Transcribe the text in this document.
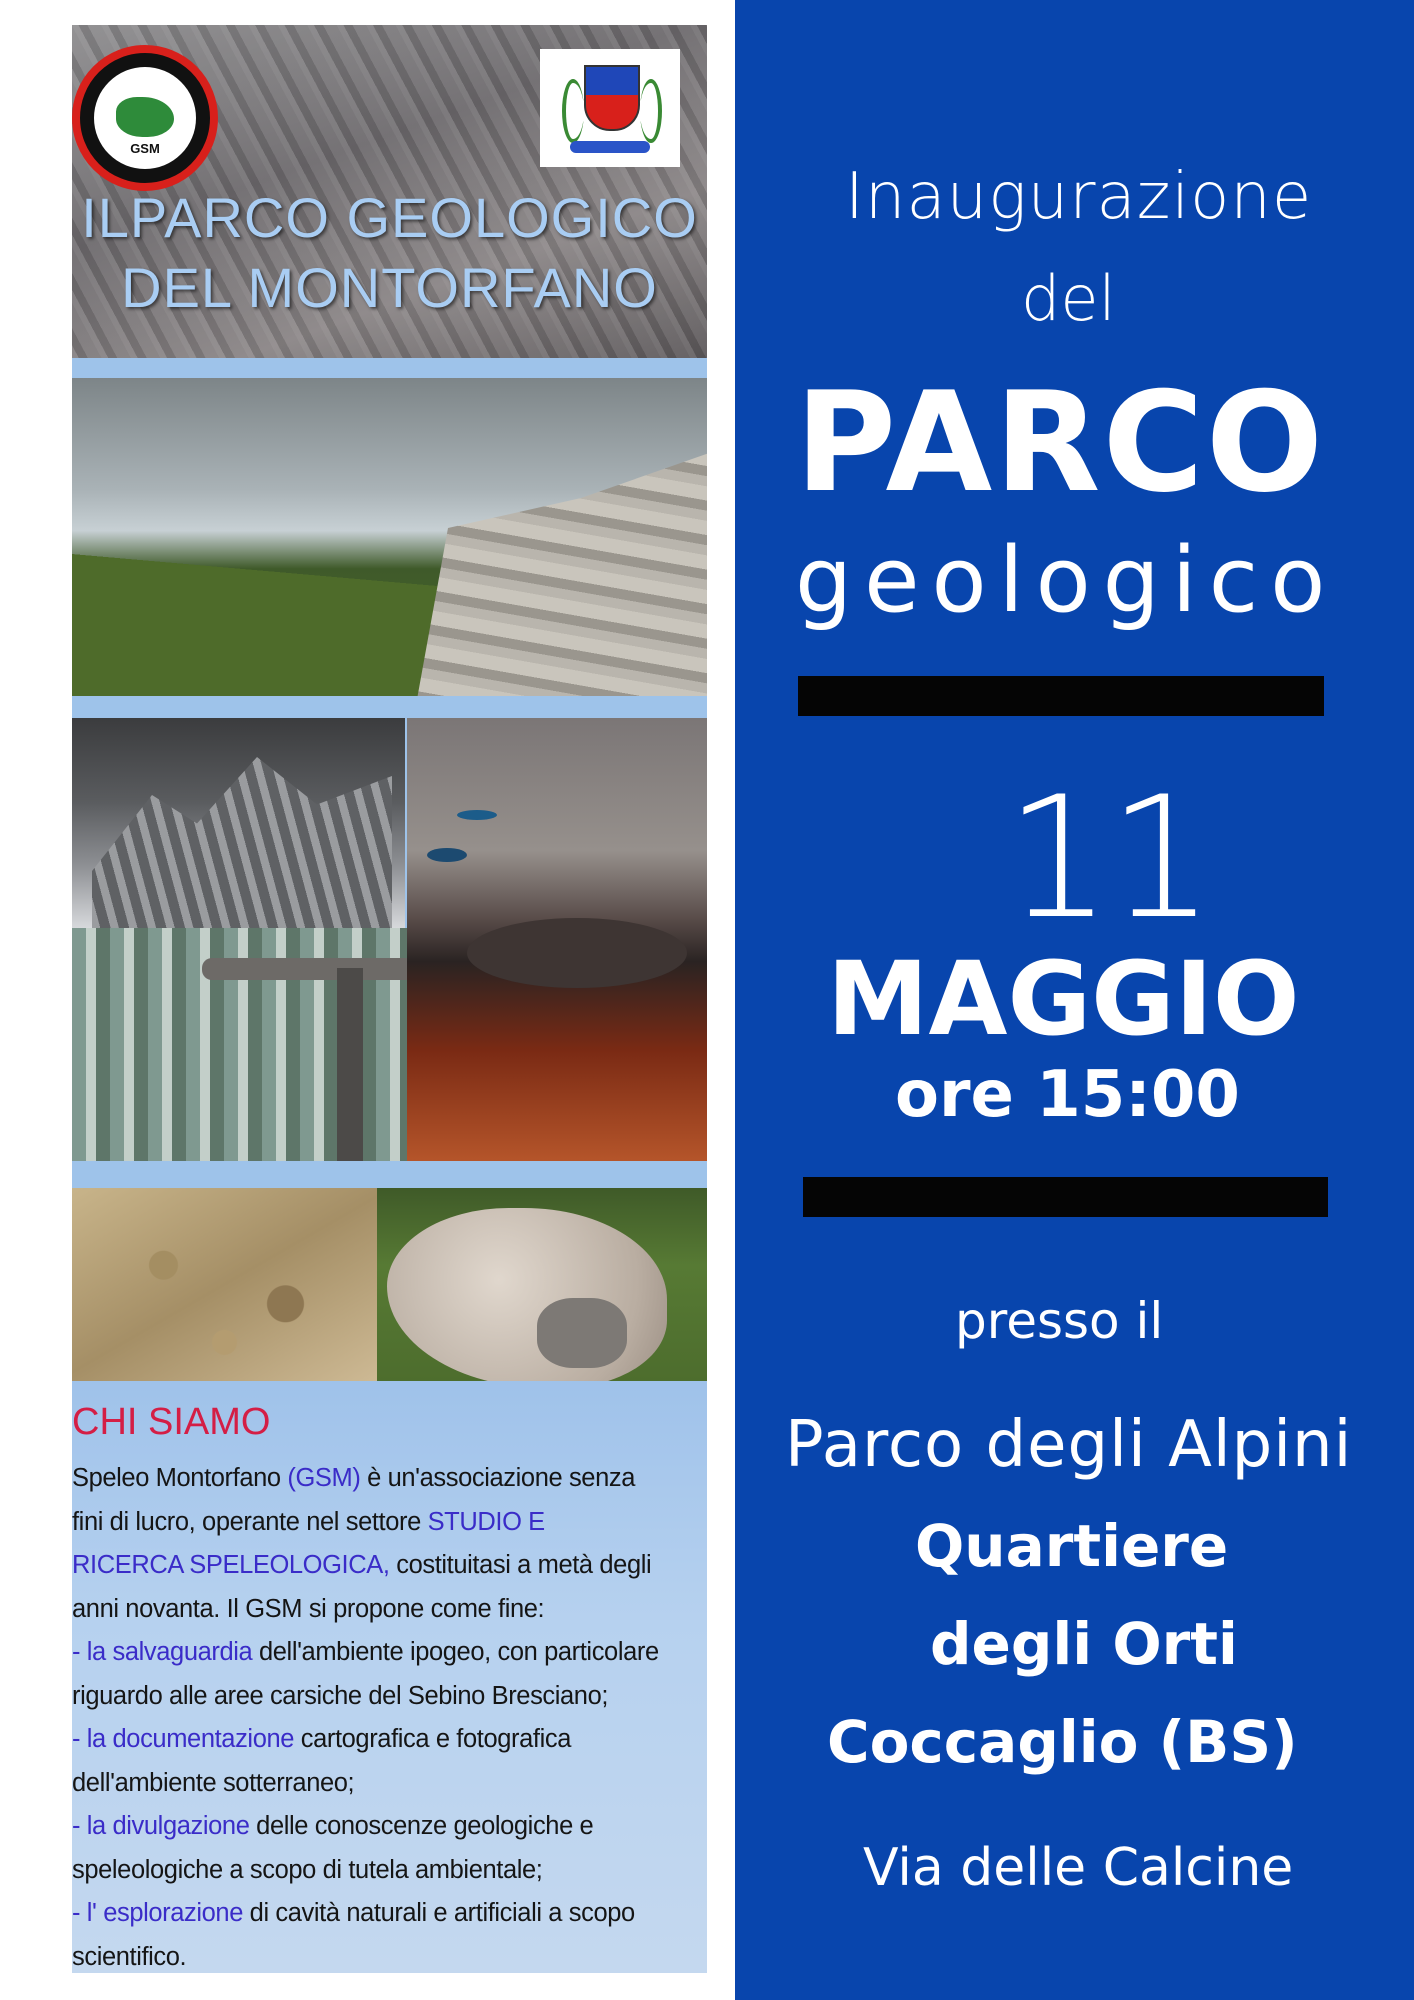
GSM
ILPARCO GEOLOGICO
DEL MONTORFANO
CHI SIAMO
Speleo Montorfano (GSM) è un'associazione senza
fini di lucro, operante nel settore STUDIO E
RICERCA SPELEOLOGICA, costituitasi a metà degli
anni novanta. Il GSM si propone come fine:
- la salvaguardia dell'ambiente ipogeo, con particolare
riguardo alle aree carsiche del Sebino Bresciano;
- la documentazione cartografica e fotografica
dell'ambiente sotterraneo;
- la divulgazione delle conoscenze geologiche e
speleologiche a scopo di tutela ambientale;
- l' esplorazione di cavità naturali e artificiali a scopo
scientifico.
Inaugurazione
del
PARCO
geologico
11
MAGGIO
ore 15:00
presso il
Parco degli Alpini
Quartiere
degli Orti
Coccaglio (BS)
Via delle Calcine
